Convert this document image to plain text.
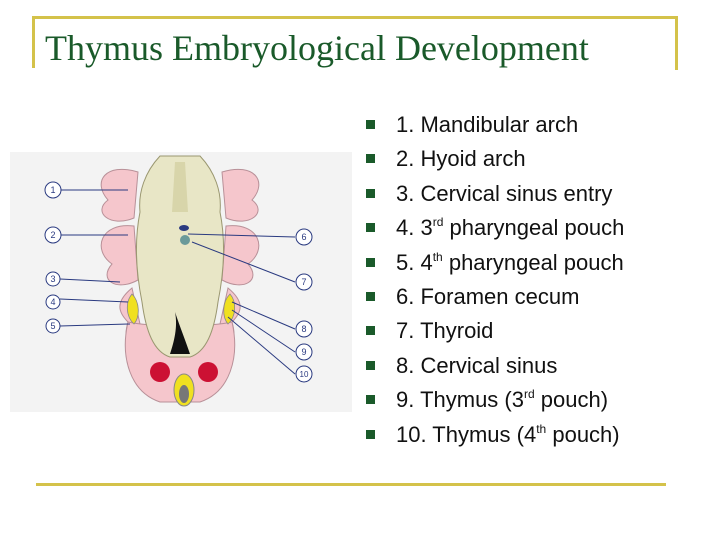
Thymus Embryological Development
1
2
3
4
5
6
7
8
9
10
1. Mandibular arch
2. Hyoid arch
3. Cervical sinus entry
4. 3rd pharyngeal pouch
5. 4th pharyngeal pouch
6. Foramen cecum
7. Thyroid
8. Cervical sinus
9. Thymus (3rd pouch)
10. Thymus (4th pouch)
